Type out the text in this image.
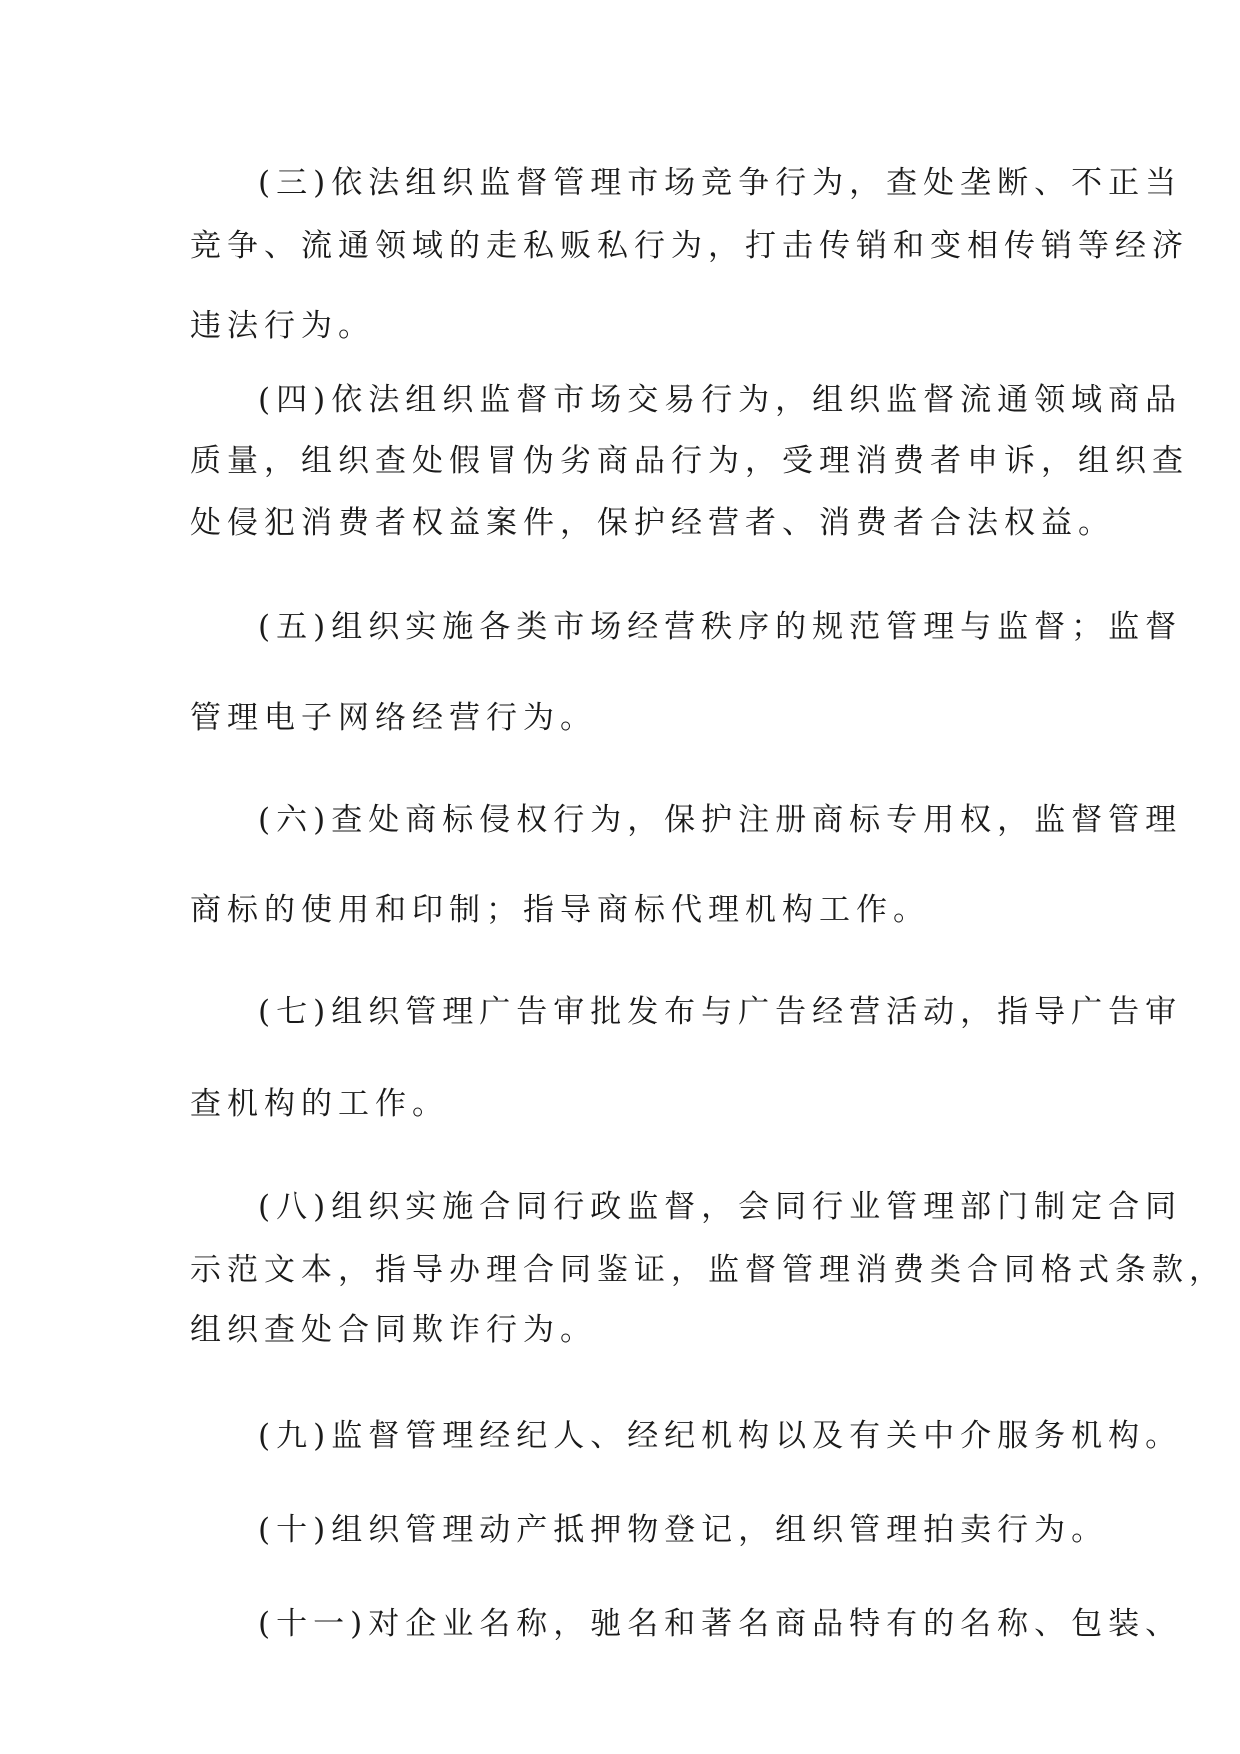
(三)依法组织监督管理市场竞争行为，查处垄断、不正当
竞争、流通领域的走私贩私行为，打击传销和变相传销等经济
违法行为。
(四)依法组织监督市场交易行为，组织监督流通领域商品
质量，组织查处假冒伪劣商品行为，受理消费者申诉，组织查
处侵犯消费者权益案件，保护经营者、消费者合法权益。
(五)组织实施各类市场经营秩序的规范管理与监督；监督
管理电子网络经营行为。
(六)查处商标侵权行为，保护注册商标专用权，监督管理
商标的使用和印制；指导商标代理机构工作。
(七)组织管理广告审批发布与广告经营活动，指导广告审
查机构的工作。
(八)组织实施合同行政监督，会同行业管理部门制定合同
示范文本，指导办理合同鉴证，监督管理消费类合同格式条款，
组织查处合同欺诈行为。
(九)监督管理经纪人、经纪机构以及有关中介服务机构。
(十)组织管理动产抵押物登记，组织管理拍卖行为。
(十一)对企业名称，驰名和著名商品特有的名称、包装、
